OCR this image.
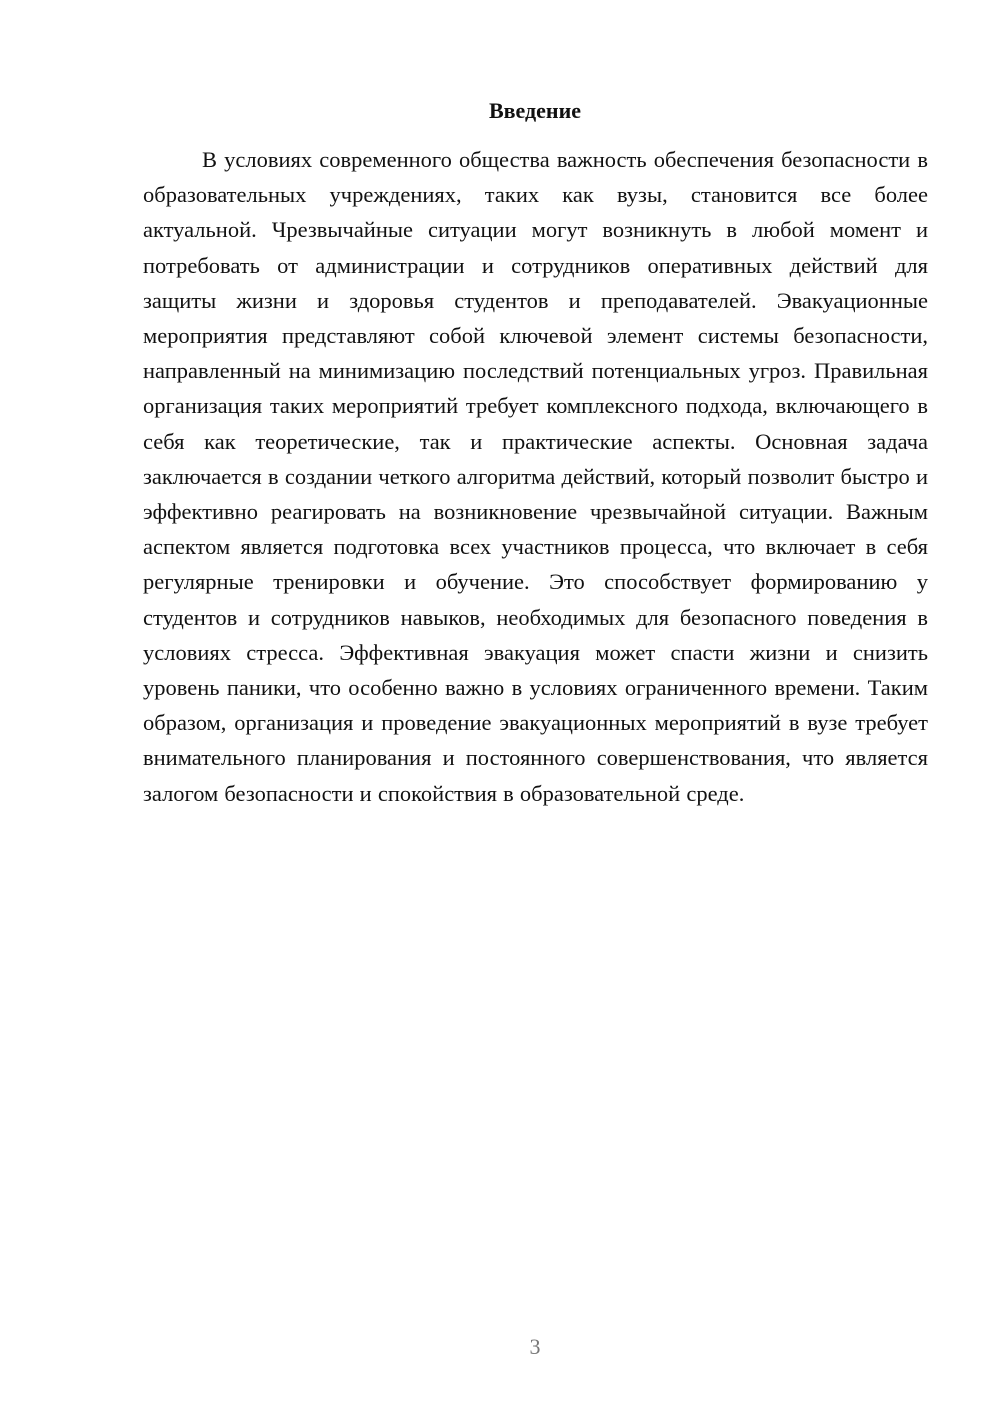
Введение

В условиях современного общества важность обеспечения безопасности в образовательных учреждениях, таких как вузы, становится все более актуальной. Чрезвычайные ситуации могут возникнуть в любой момент и потребовать от администрации и сотрудников оперативных действий для защиты жизни и здоровья студентов и преподавателей. Эвакуационные мероприятия представляют собой ключевой элемент системы безопасности, направленный на минимизацию последствий потенциальных угроз. Правильная организация таких мероприятий требует комплексного подхода, включающего в себя как теоретические, так и практические аспекты. Основная задача заключается в создании четкого алгоритма действий, который позволит быстро и эффективно реагировать на возникновение чрезвычайной ситуации. Важным аспектом является подготовка всех участников процесса, что включает в себя регулярные тренировки и обучение. Это способствует формированию у студентов и сотрудников навыков, необходимых для безопасного поведения в условиях стресса. Эффективная эвакуация может спасти жизни и снизить уровень паники, что особенно важно в условиях ограниченного времени. Таким образом, организация и проведение эвакуационных мероприятий в вузе требует внимательного планирования и постоянного совершенствования, что является залогом безопасности и спокойствия в образовательной среде.

3
